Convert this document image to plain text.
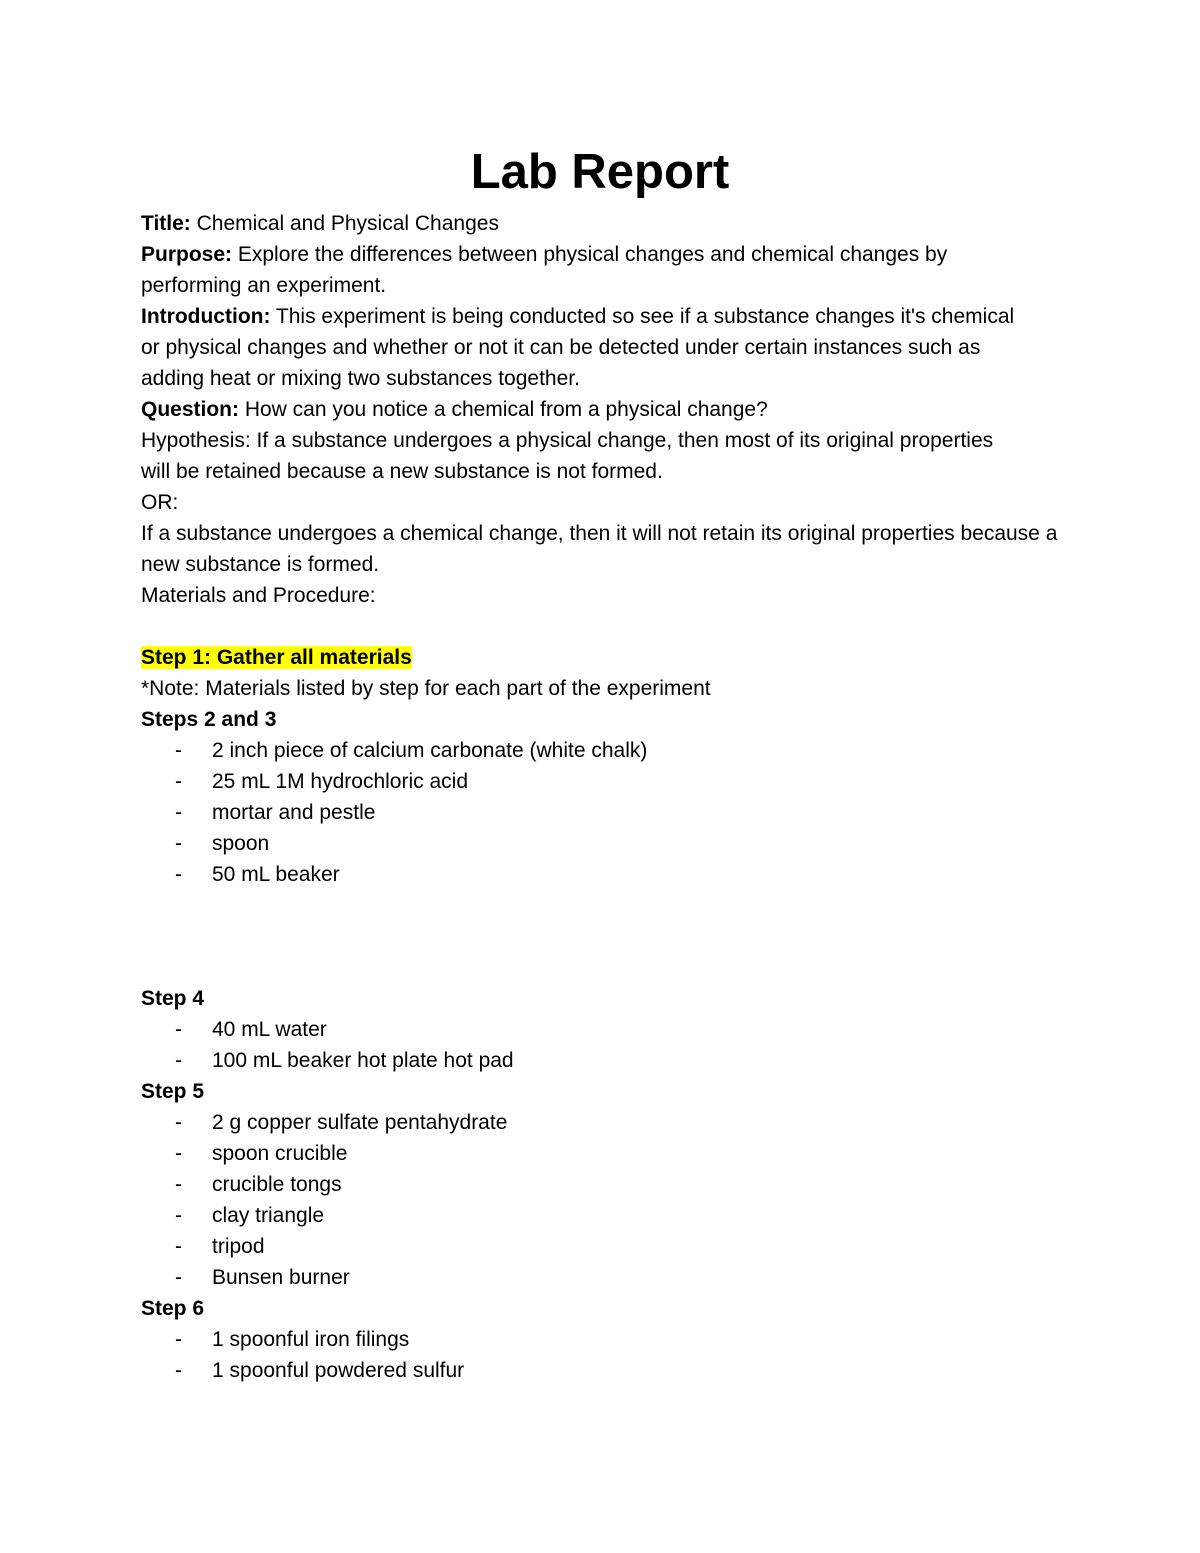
Lab Report

Title: Chemical and Physical Changes

Purpose: Explore the differences between physical changes and chemical changes by performing an experiment.

Introduction: This experiment is being conducted so see if a substance changes it's chemical or physical changes and whether or not it can be detected under certain instances such as adding heat or mixing two substances together.

Question: How can you notice a chemical from a physical change?

Hypothesis: If a substance undergoes a physical change, then most of its original properties will be retained because a new substance is not formed.

OR:

If a substance undergoes a chemical change, then it will not retain its original properties because a new substance is formed.

Materials and Procedure:

Step 1: Gather all materials

*Note: Materials listed by step for each part of the experiment

Steps 2 and 3

- 2 inch piece of calcium carbonate (white chalk)
- 25 mL 1M hydrochloric acid
- mortar and pestle
- spoon
- 50 mL beaker

Step 4

- 40 mL water
- 100 mL beaker hot plate hot pad

Step 5

- 2 g copper sulfate pentahydrate
- spoon crucible
- crucible tongs
- clay triangle
- tripod
- Bunsen burner

Step 6

- 1 spoonful iron filings
- 1 spoonful powdered sulfur
